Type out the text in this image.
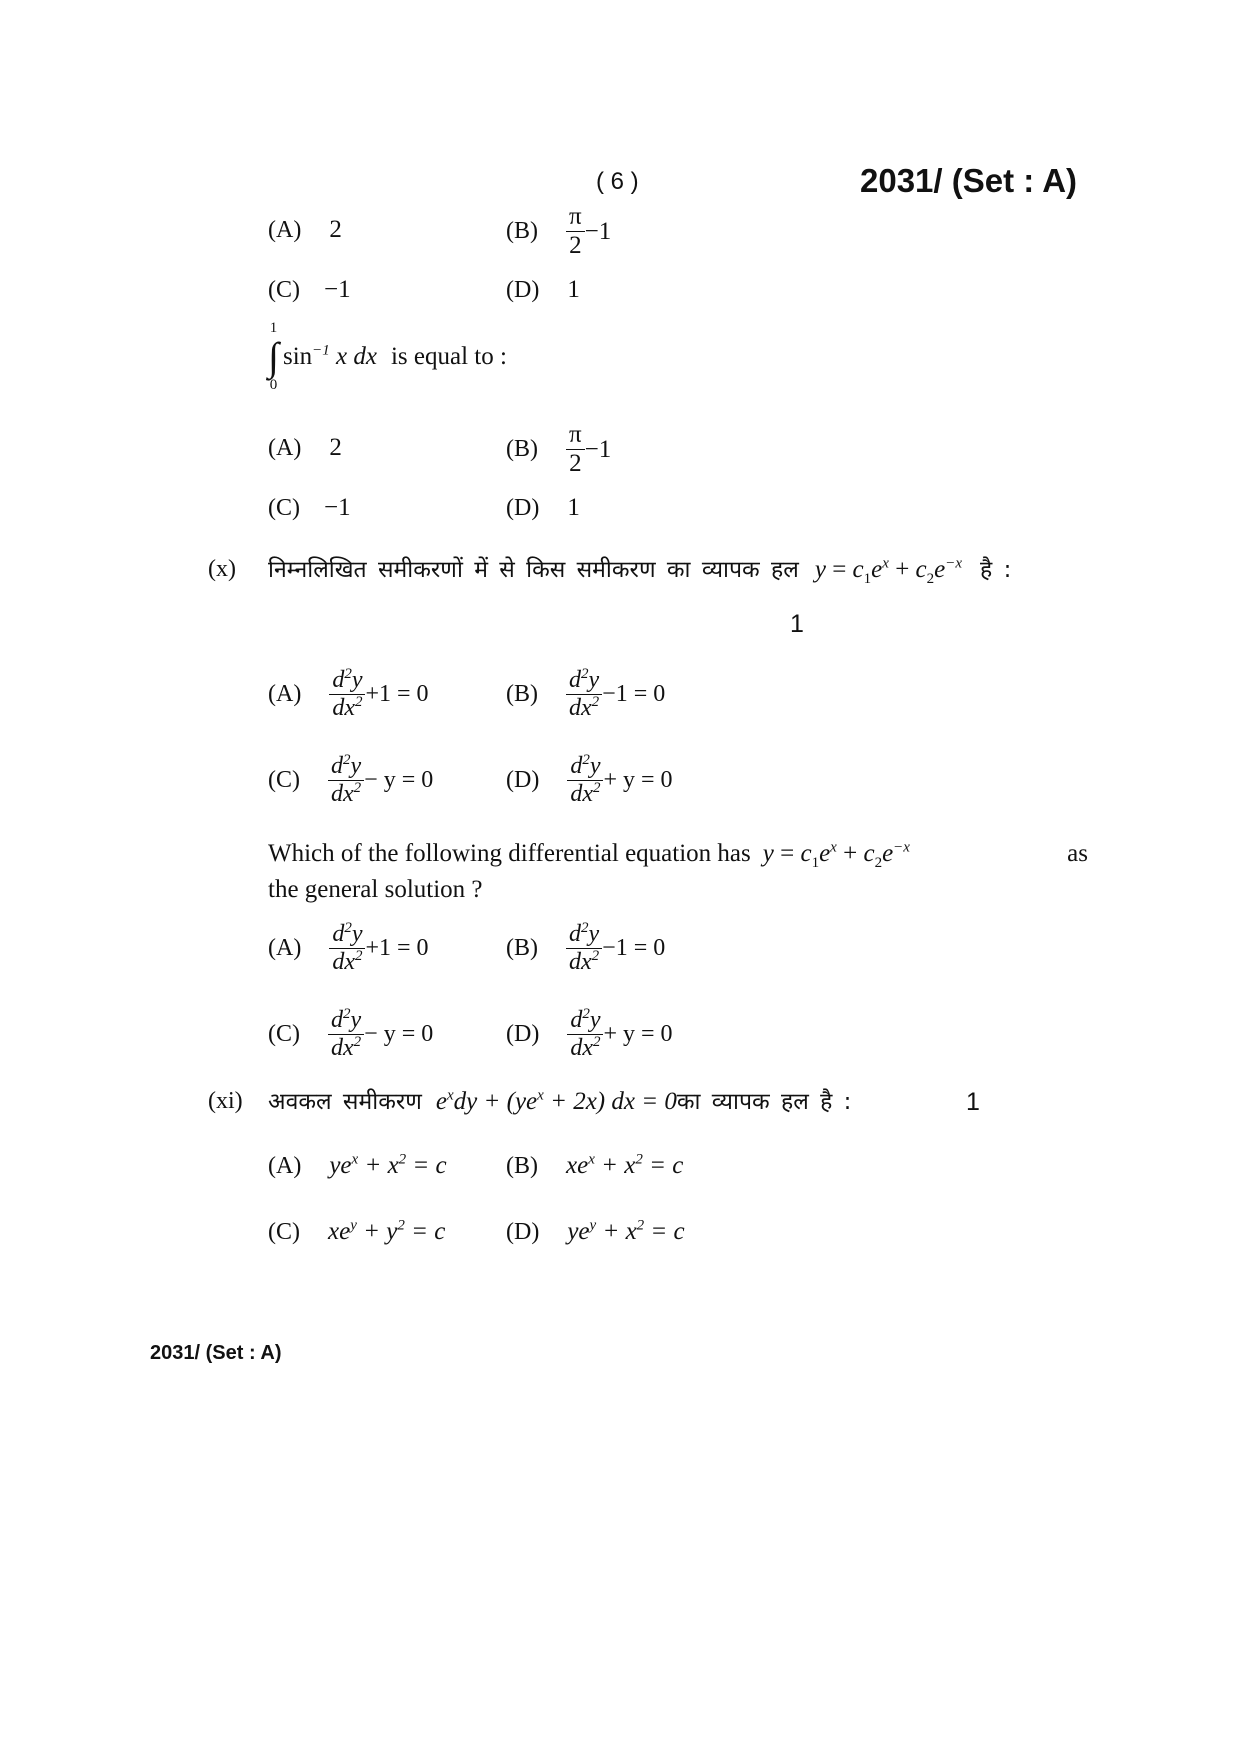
( 6 )	2031/ (Set : A)
(A) 2	$(B) \frac{\pi}{2} -1$
(C) −1	(D) 1
1
∫
0
$\sin^{-1} x$ dx is equal to :
(A) 2	$(B) \frac{\pi}{2} -1$
(C) −1	(D) 1
(x) निम्नलिखित समीकरणों में से किस समीकरण का व्यापक हल $y = c_1e^x + c_2e^{-x}$ है :
1
$(A) \frac{d^2y}{dx^2} +1 = 0$	$(B) \frac{d^2y}{dx^2} -1 = 0$
$(C) \frac{d^2y}{dx^2} - y = 0$	$(D) \frac{d^2y}{dx^2} + y = 0$
Which of the following differential equation has $y = c_1e^x + c_2e^{-x}$	as
the general solution ?
$(A) \frac{d^2y}{dx^2} +1 = 0$	$(B) \frac{d^2y}{dx^2} -1 = 0$
$(C) \frac{d^2y}{dx^2} - y = 0$	$(D) \frac{d^2y}{dx^2} + y = 0$
(xi) अवकल समीकरण $e^xdy + (ye^x + 2x)$ dx = 0 का व्यापक हल है :	1
(A) $ye^x + x^2 = c$ (B) $xe^x + x^2 = c$
(C) $xe^y + y^2 = c$	(D) $ye^y + x^2 = c$
2031/ (Set : A)
